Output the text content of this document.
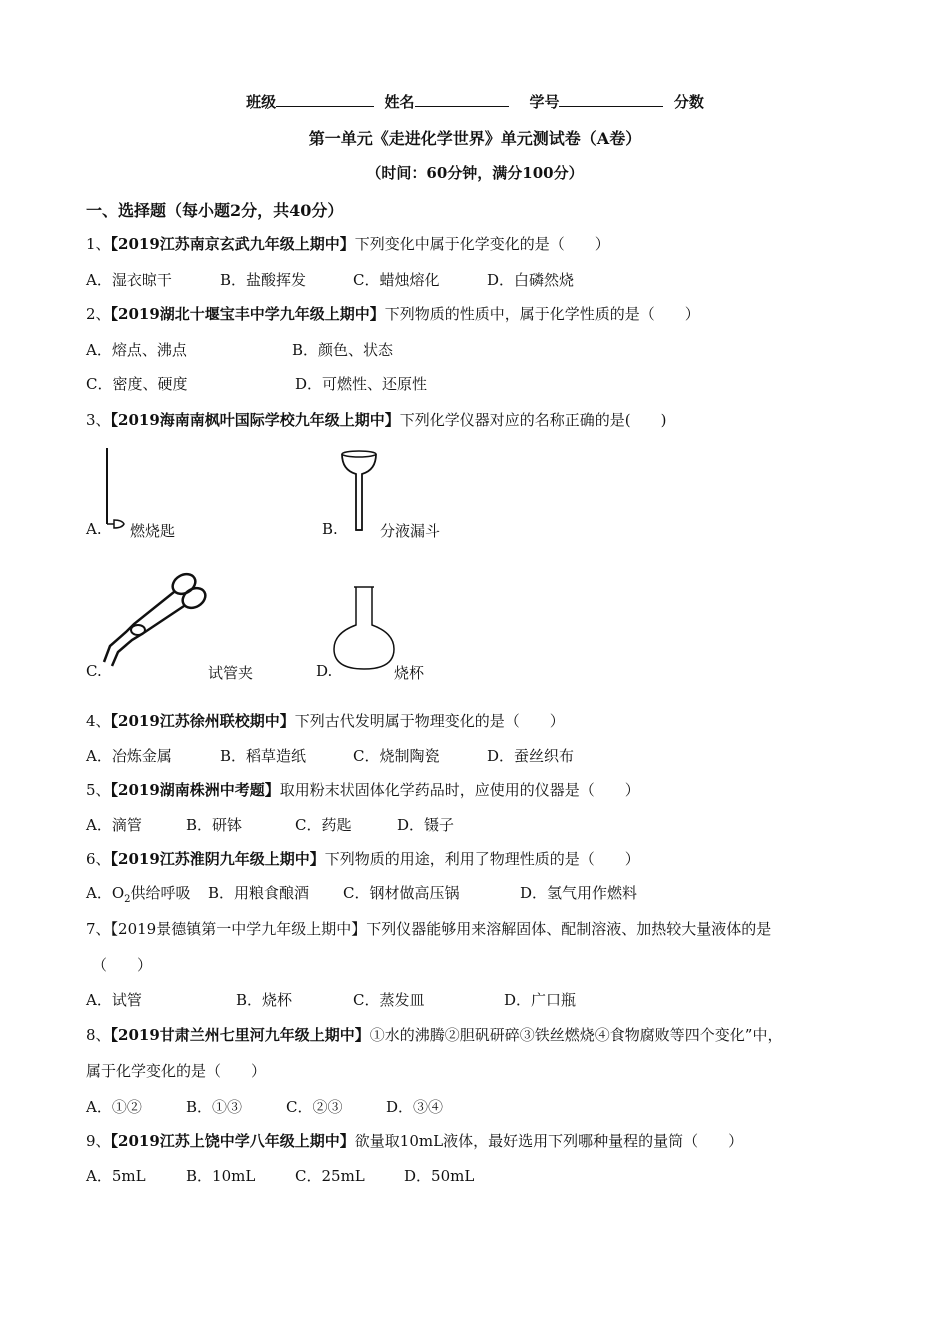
班级	姓名	学号	分数
第一单元《走进化学世界》单元测试卷（A卷）
（时间：60分钟，满分100分）
一、选择题（每小题2分，共40分）
1、【2019江苏南京玄武九年级上期中】下列变化中属于化学变化的是（　　）
A．湿衣晾干	B．盐酸挥发	C．蜡烛熔化	D．白磷然烧
2、【2019湖北十堰宝丰中学九年级上期中】下列物质的性质中，属于化学性质的是（　　）
A．熔点、沸点	B．颜色、状态
C．密度、硬度	D．可燃性、还原性
3、【2019海南南枫叶国际学校九年级上期中】下列化学仪器对应的名称正确的是(　　)
A. 燃烧匙	B.	分液漏斗
C.	试管夹	D.	烧杯
4、【2019江苏徐州联校期中】下列古代发明属于物理变化的是（　　）
A．冶炼金属	B．稻草造纸	C．烧制陶瓷	D．蚕丝织布
5、【2019湖南株洲中考题】取用粉末状固体化学药品时，应使用的仪器是（　　）
A．滴管	B．研钵	C．药匙	D．镊子
6、【2019江苏淮阴九年级上期中】下列物质的用途，利用了物理性质的是（　　）
A．$O_2$供给呼吸 B．用粮食酿酒 C．钢材做高压锅	D．氢气用作燃料
7、【2019景德镇第一中学九年级上期中】下列仪器能够用来溶解固体、配制溶液、加热较大量液体的是
（　　）
A．试管	B．烧杯	C．蒸发皿	D．广口瓶
8、【2019甘肃兰州七里河九年级上期中】①水的沸腾②胆矾研碎③铁丝燃烧④食物腐败等四个变化”中，
属于化学变化的是（　　）
A．①②	B．①③	C．②③	D．③④
9、【2019江苏上饶中学八年级上期中】欲量取10mL液体，最好选用下列哪种量程的量筒（　　）
A．5mL	B．10mL	C．25mL	D．50mL
